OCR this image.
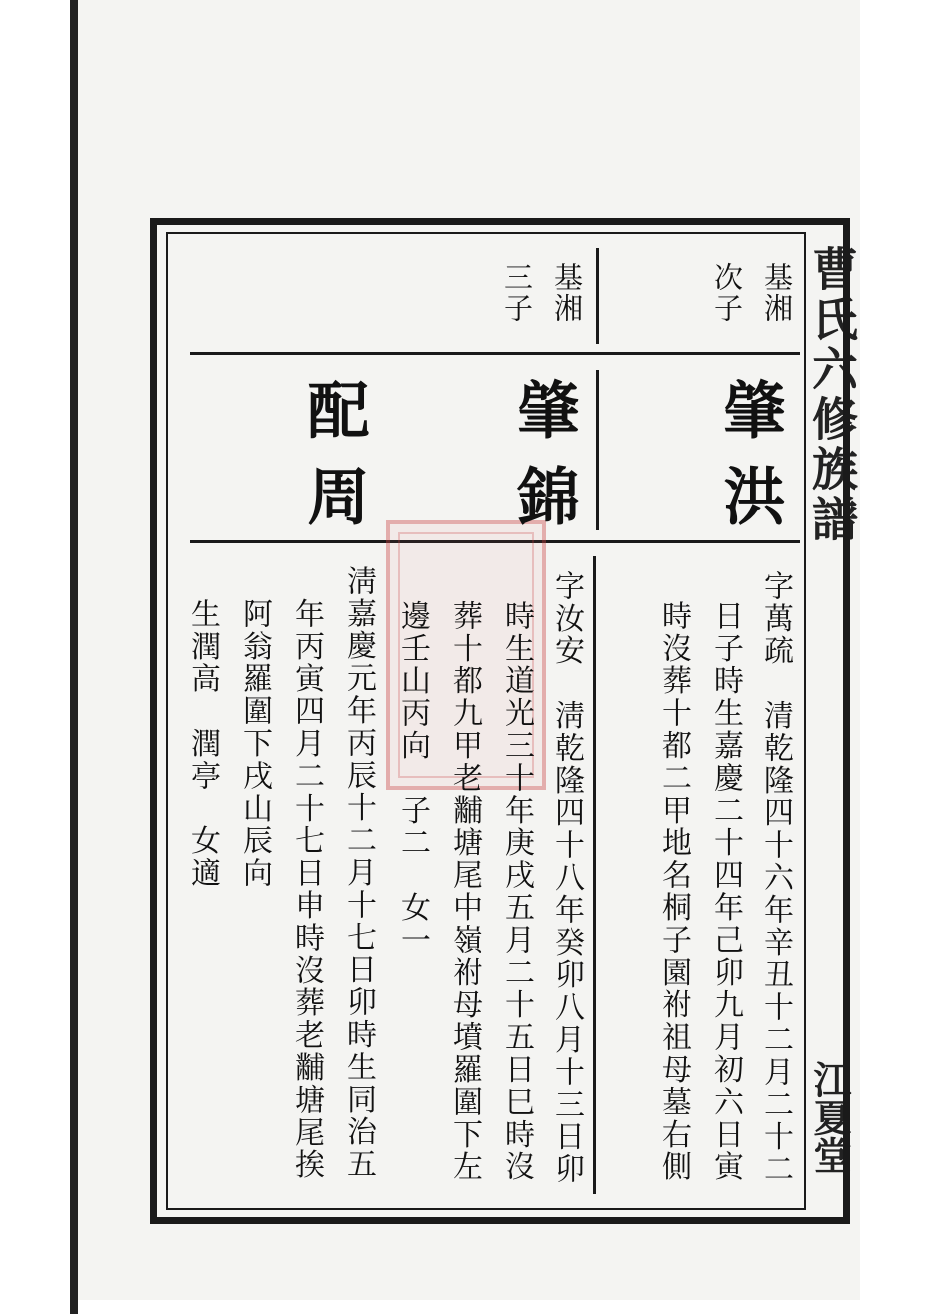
曹氏六修族譜
江夏堂
基湘
次子
基湘
三子
肇洪
肇錦
配周
字萬疏　清乾隆四十六年辛丑十二月二十二
日子時生嘉慶二十四年己卯九月初六日寅
時沒葬十都二甲地名桐子園祔祖母墓右側
字汝安　淸乾隆四十八年癸卯八月十三日卯
時生道光三十年庚戌五月二十五日巳時沒
葬十都九甲老黼塘尾中嶺祔母墳羅圍下左
邊壬山丙向　子二　女一
淸嘉慶元年丙辰十二月十七日卯時生同治五
年丙寅四月二十七日申時沒葬老黼塘尾挨
阿翁羅圍下戌山辰向
生潤高　潤亭　女適
